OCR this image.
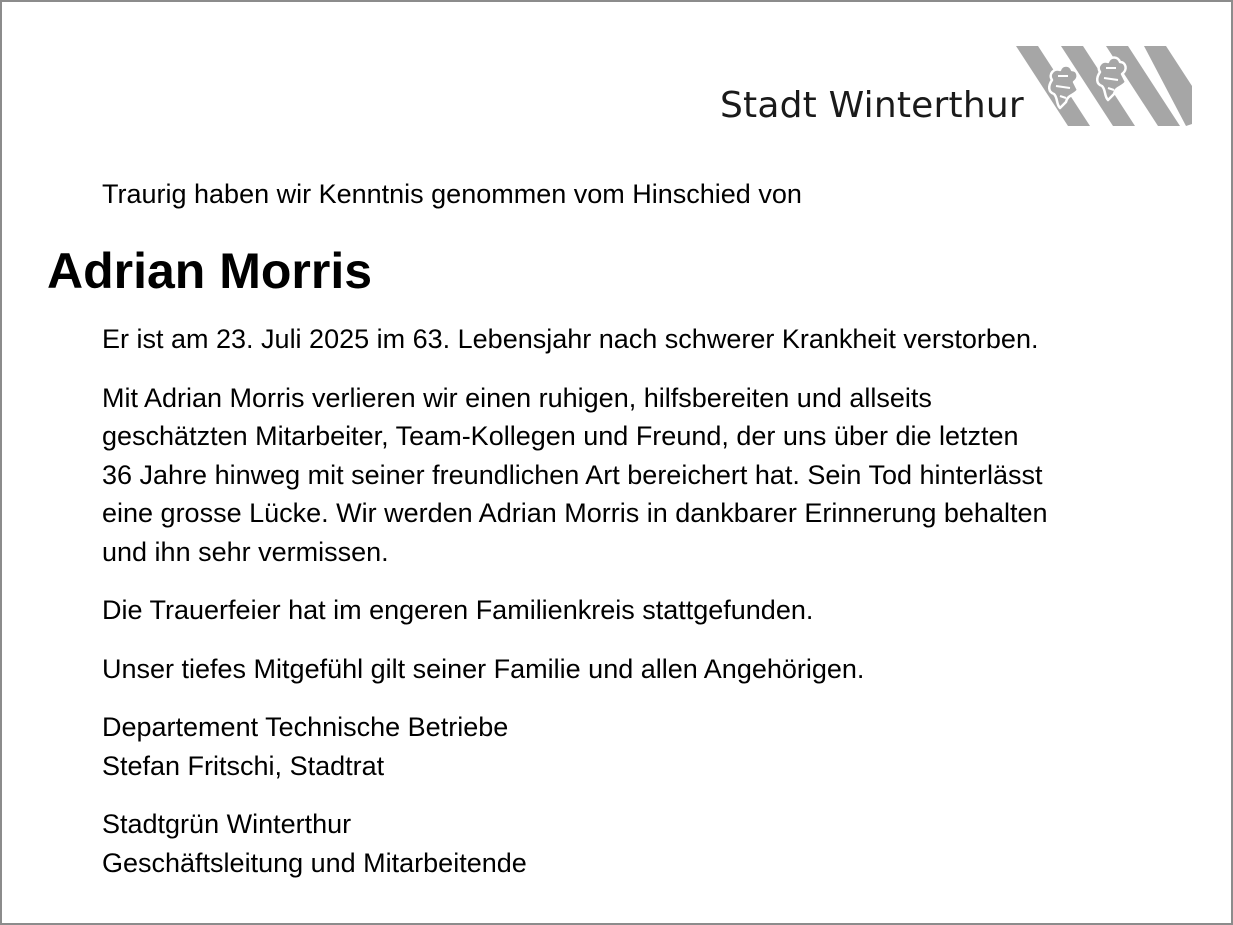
Stadt Winterthur
Traurig haben wir Kenntnis genommen vom Hinschied von
Adrian Morris

Er ist am 23. Juli 2025 im 63. Lebensjahr nach schwerer Krankheit verstorben.

Mit Adrian Morris verlieren wir einen ruhigen, hilfsbereiten und allseits

geschätzten Mitarbeiter, Team-Kollegen und Freund, der uns über die letzten

36 Jahre hinweg mit seiner freundlichen Art bereichert hat. Sein Tod hinterlässt

eine grosse Lücke. Wir werden Adrian Morris in dankbarer Erinnerung behalten

und ihn sehr vermissen.

Die Trauerfeier hat im engeren Familienkreis stattgefunden.

Unser tiefes Mitgefühl gilt seiner Familie und allen Angehörigen.

Departement Technische Betriebe

Stefan Fritschi, Stadtrat

Stadtgrün Winterthur

Geschäftsleitung und Mitarbeitende
